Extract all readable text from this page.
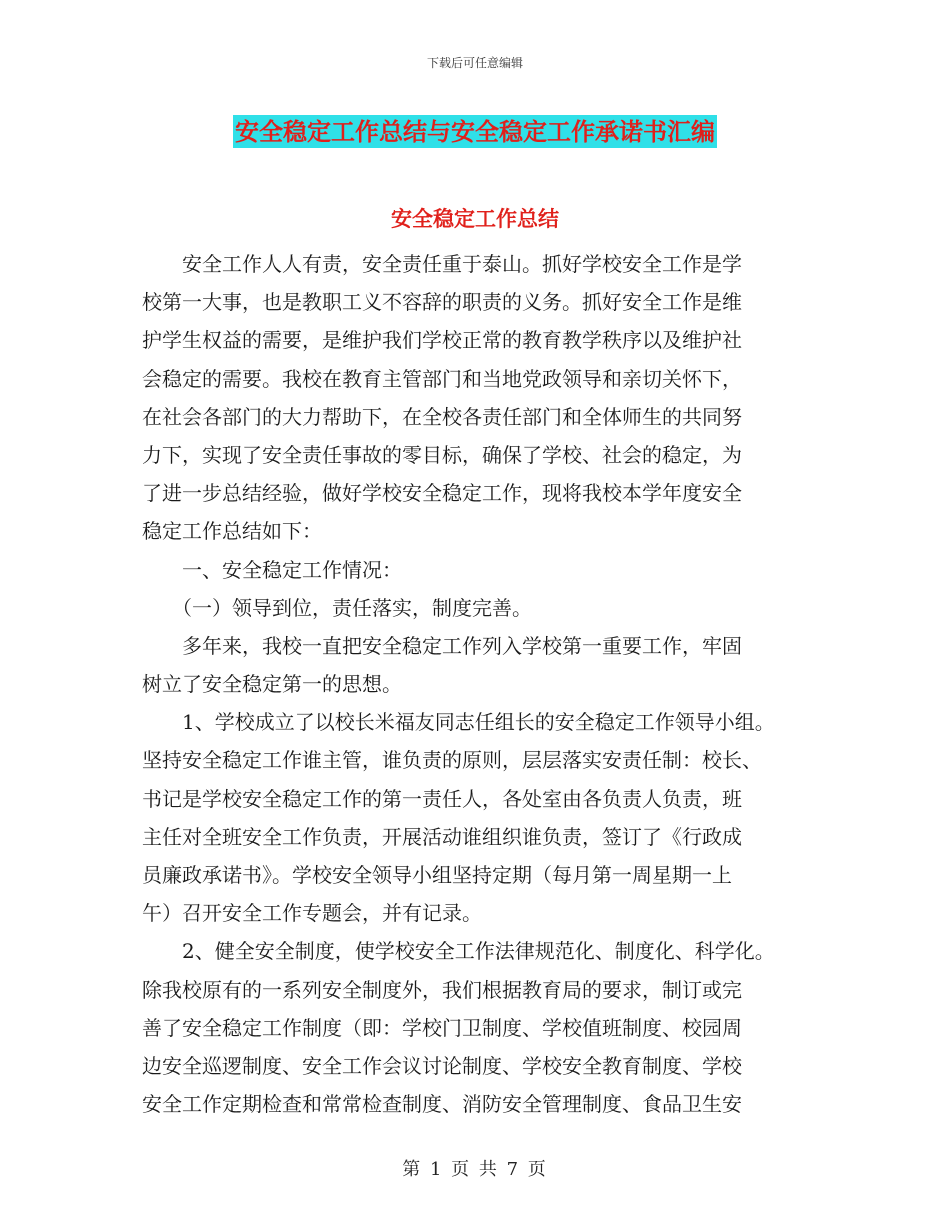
下载后可任意编辑
安全稳定工作总结与安全稳定工作承诺书汇编
安全稳定工作总结
　　安全工作人人有责，安全责任重于泰山。抓好学校安全工作是学
校第一大事，也是教职工义不容辞的职责的义务。抓好安全工作是维
护学生权益的需要，是维护我们学校正常的教育教学秩序以及维护社
会稳定的需要。我校在教育主管部门和当地党政领导和亲切关怀下，
在社会各部门的大力帮助下，在全校各责任部门和全体师生的共同努
力下，实现了安全责任事故的零目标，确保了学校、社会的稳定，为
了进一步总结经验，做好学校安全稳定工作，现将我校本学年度安全
稳定工作总结如下：
　　一、安全稳定工作情况：
　　（一）领导到位，责任落实，制度完善。
　　多年来，我校一直把安全稳定工作列入学校第一重要工作，牢固
树立了安全稳定第一的思想。
　　1、学校成立了以校长米福友同志任组长的安全稳定工作领导小组。
坚持安全稳定工作谁主管，谁负责的原则，层层落实安责任制：校长、
书记是学校安全稳定工作的第一责任人，各处室由各负责人负责，班
主任对全班安全工作负责，开展活动谁组织谁负责，签订了《行政成
员廉政承诺书》。学校安全领导小组坚持定期（每月第一周星期一上
午）召开安全工作专题会，并有记录。
　　2、健全安全制度，使学校安全工作法律规范化、制度化、科学化。
除我校原有的一系列安全制度外，我们根据教育局的要求，制订或完
善了安全稳定工作制度（即：学校门卫制度、学校值班制度、校园周
边安全巡逻制度、安全工作会议讨论制度、学校安全教育制度、学校
安全工作定期检查和常常检查制度、消防安全管理制度、食品卫生安
第 1 页 共 7 页
